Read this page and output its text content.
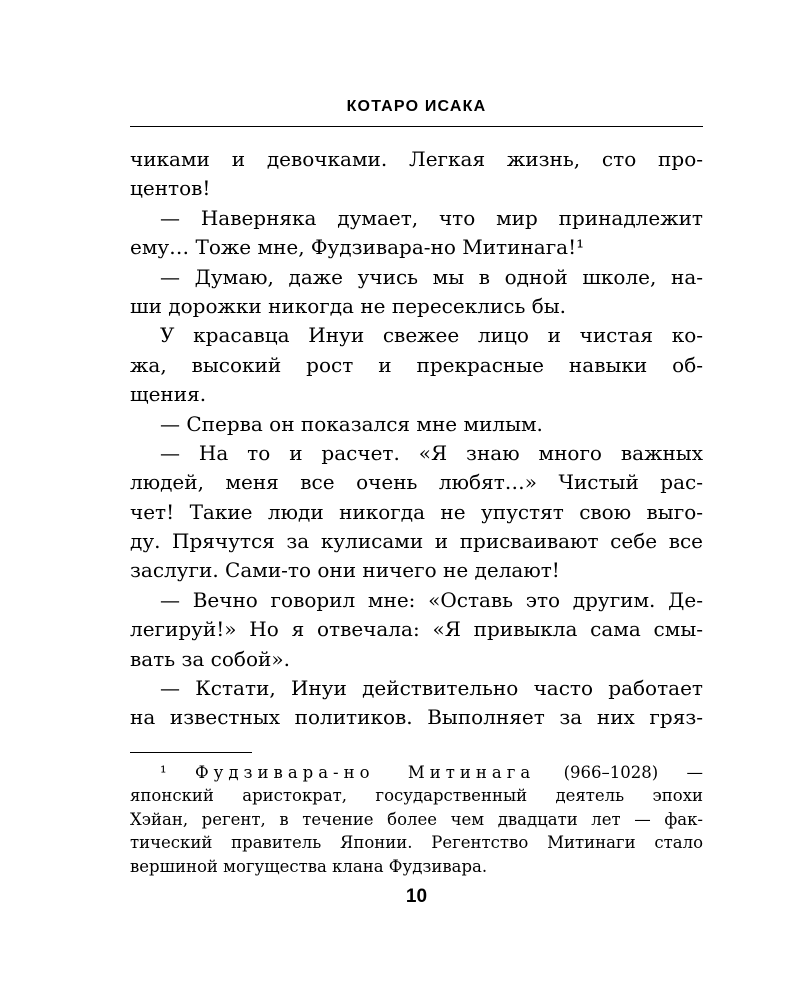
КОТАРО ИСАКА
чиками и девочками. Легкая жизнь, сто про-
центов!
— Наверняка думает, что мир принадлежит
ему… Тоже мне, Фудзивара-но Митинага!¹
— Думаю, даже учись мы в одной школе, на-
ши дорожки никогда не пересеклись бы.
У красавца Инуи свежее лицо и чистая ко-
жа, высокий рост и прекрасные навыки об-
щения.
— Сперва он показался мне милым.
— На то и расчет. «Я знаю много важных
людей, меня все очень любят…» Чистый рас-
чет! Такие люди никогда не упустят свою выго-
ду. Прячутся за кулисами и присваивают себе все
заслуги. Сами-то они ничего не делают!
— Вечно говорил мне: «Оставь это другим. Де-
легируй!» Но я отвечала: «Я привыкла сама смы-
вать за собой».
— Кстати, Инуи действительно часто работает
на известных политиков. Выполняет за них гряз-
¹ Фудзивара-но Митинага (966–1028) —
японский аристократ, государственный деятель эпохи
Хэйан, регент, в течение более чем двадцати лет — фак-
тический правитель Японии. Регентство Митинаги стало
вершиной могущества клана Фудзивара.
10
